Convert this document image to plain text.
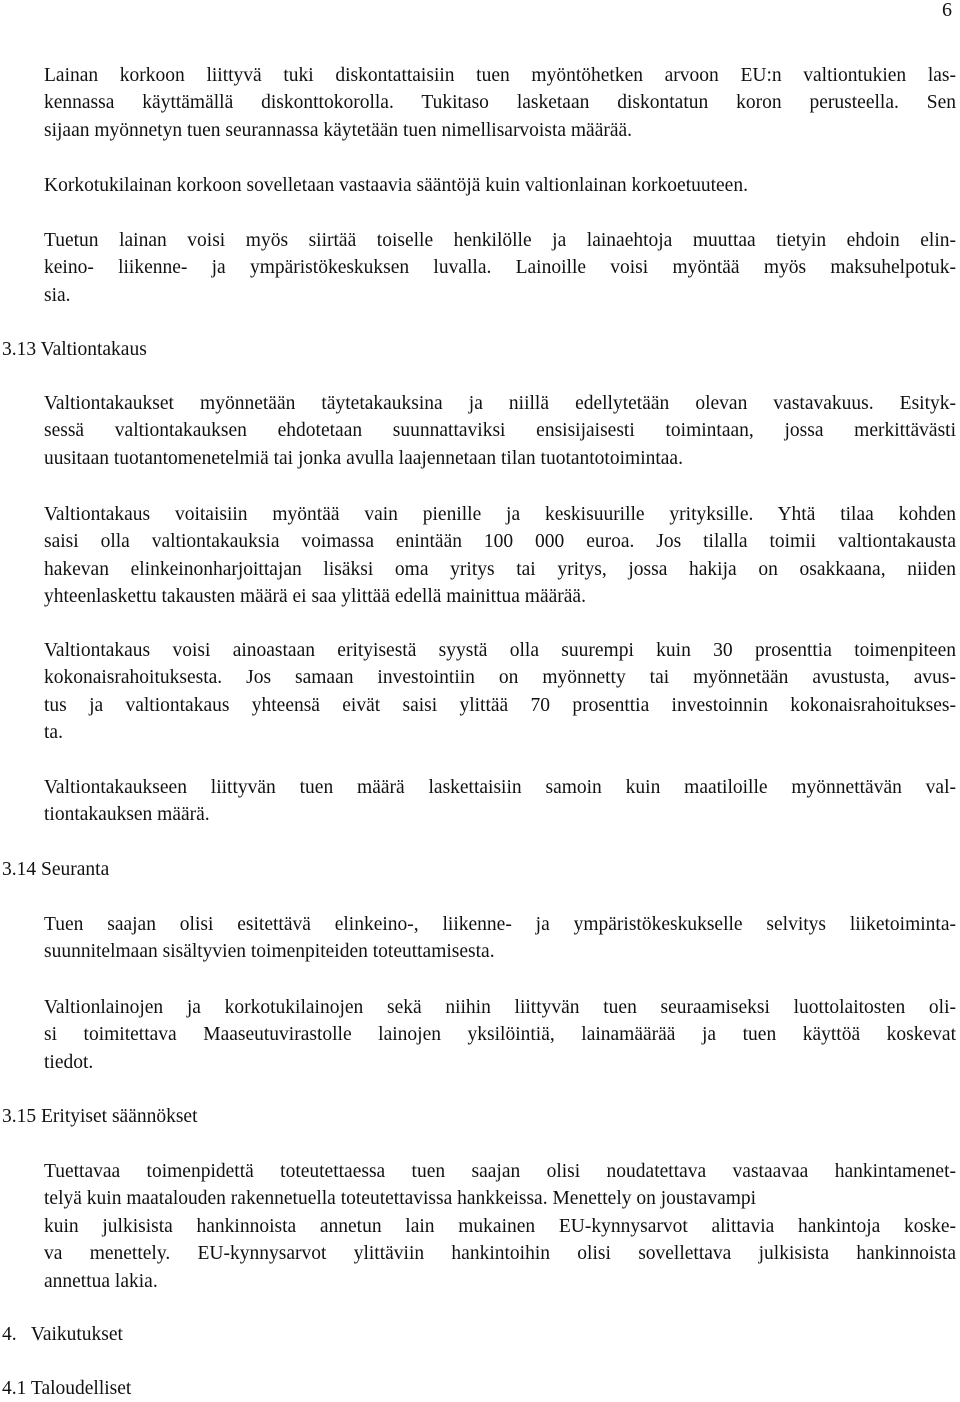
6
Lainan korkoon liittyvä tuki diskontattaisiin tuen myöntöhetken arvoon EU:n valtiontukien las-
kennassa käyttämällä diskonttokorolla. Tukitaso lasketaan diskontatun koron perusteella. Sen
sijaan myönnetyn tuen seurannassa käytetään tuen nimellisarvoista määrää.
Korkotukilainan korkoon sovelletaan vastaavia sääntöjä kuin valtionlainan korkoetuuteen.
Tuetun lainan voisi myös siirtää toiselle henkilölle ja lainaehtoja muuttaa tietyin ehdoin elin-
keino- liikenne- ja ympäristökeskuksen luvalla. Lainoille voisi myöntää myös maksuhelpotuk-
sia.
3.13 Valtiontakaus
Valtiontakaukset myönnetään täytetakauksina ja niillä edellytetään olevan vastavakuus. Esityk-
sessä valtiontakauksen ehdotetaan suunnattaviksi ensisijaisesti toimintaan, jossa merkittävästi
uusitaan tuotantomenetelmiä tai jonka avulla laajennetaan tilan tuotantotoimintaa.
Valtiontakaus voitaisiin myöntää vain pienille ja keskisuurille yrityksille. Yhtä tilaa kohden
saisi olla valtiontakauksia voimassa enintään 100 000 euroa. Jos tilalla toimii valtiontakausta
hakevan elinkeinonharjoittajan lisäksi oma yritys tai yritys, jossa hakija on osakkaana, niiden
yhteenlaskettu takausten määrä ei saa ylittää edellä mainittua määrää.
Valtiontakaus voisi ainoastaan erityisestä syystä olla suurempi kuin 30 prosenttia toimenpiteen
kokonaisrahoituksesta. Jos samaan investointiin on myönnetty tai myönnetään avustusta, avus-
tus ja valtiontakaus yhteensä eivät saisi ylittää 70 prosenttia investoinnin kokonaisrahoitukses-
ta.
Valtiontakaukseen liittyvän tuen määrä laskettaisiin samoin kuin maatiloille myönnettävän val-
tiontakauksen määrä.
3.14 Seuranta
Tuen saajan olisi esitettävä elinkeino-, liikenne- ja ympäristökeskukselle selvitys liiketoiminta-
suunnitelmaan sisältyvien toimenpiteiden toteuttamisesta.
Valtionlainojen ja korkotukilainojen sekä niihin liittyvän tuen seuraamiseksi luottolaitosten oli-
si toimitettava Maaseutuvirastolle lainojen yksilöintiä, lainamäärää ja tuen käyttöä koskevat
tiedot.
3.15 Erityiset säännökset
Tuettavaa toimenpidettä toteutettaessa tuen saajan olisi noudatettava vastaavaa hankintamenet-
telyä kuin maatalouden rakennetuella toteutettavissa hankkeissa. Menettely on joustavampi
kuin julkisista hankinnoista annetun lain mukainen EU-kynnysarvot alittavia hankintoja koske-
va menettely. EU-kynnysarvot ylittäviin hankintoihin olisi sovellettava julkisista hankinnoista
annettua lakia.
4.   Vaikutukset
4.1 Taloudelliset
